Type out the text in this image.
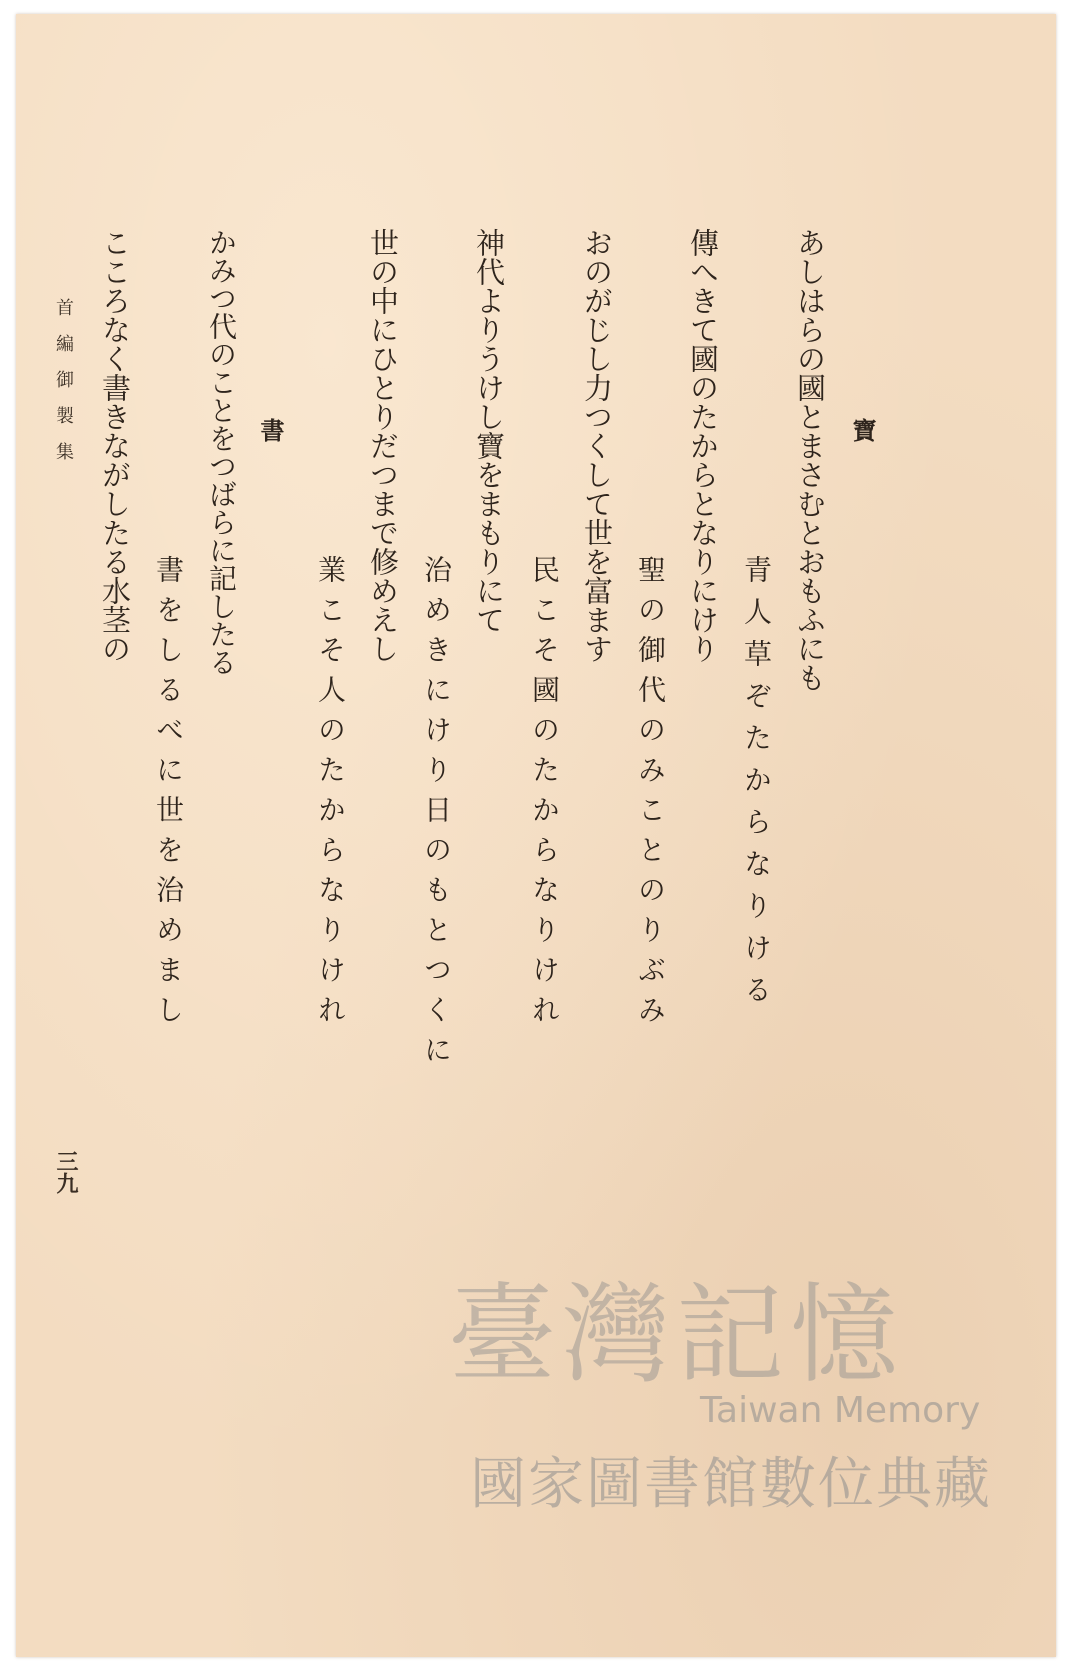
寶
あしはらの國とまさむとおもふにも
青人草ぞたからなりける
傳へきて國のたからとなりにけり
聖の御代のみことのりぶみ
おのがじし力つくして世を富ます
民こそ國のたからなりけれ
神代よりうけし寶をまもりにて
治めきにけり日のもとつくに
世の中にひとりだつまで修めえし
業こそ人のたからなりけれ
書
かみつ代のことをつばらに記したる
書をしるべに世を治めまし
こころなく書きながしたる水茎の
首編御製集
三九
臺灣記憶
Taiwan Memory
國家圖書館數位典藏
